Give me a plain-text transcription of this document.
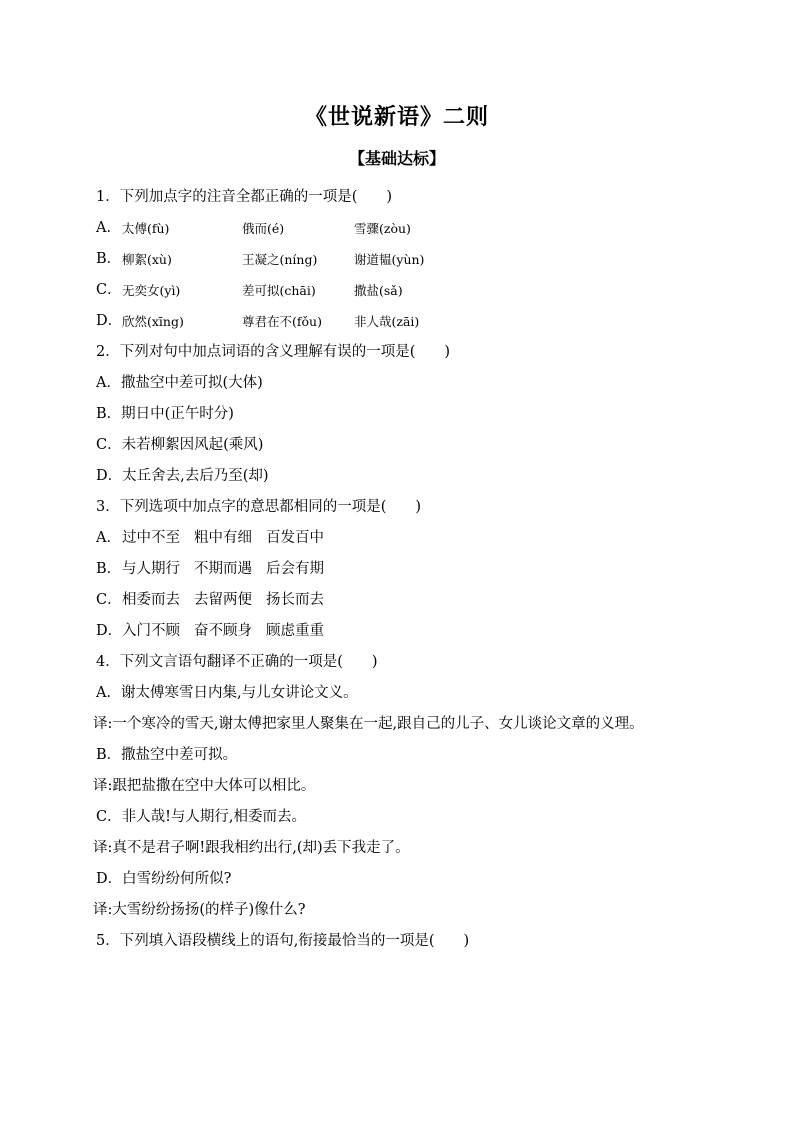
《世说新语》二则
【基础达标】
1．下列加点字的注音全都正确的一项是(　　)
A． 太傅(fù)	俄而(é)	雪骤(zòu)
B． 柳絮(xù)	王凝之(níng)	谢道韫(yùn)
C． 无奕女(yì)	差可拟(chāi)	撒盐(sǎ)
D． 欣然(xīng)	尊君在不(fǒu)	非人哉(zāi)
2．下列对句中加点词语的含义理解有误的一项是(　　)
A．撒盐空中差可拟(大体)
B．期日中(正午时分)
C．未若柳絮因风起(乘风)
D．太丘舍去,去后乃至(却)
3．下列选项中加点字的意思都相同的一项是(　　)
A．过中不至 粗中有细 百发百中
B．与人期行 不期而遇 后会有期
C．相委而去 去留两便 扬长而去
D．入门不顾 奋不顾身 顾虑重重
4．下列文言语句翻译不正确的一项是(　　)
A．谢太傅寒雪日内集,与儿女讲论文义。
译:一个寒冷的雪天,谢太傅把家里人聚集在一起,跟自己的儿子、女儿谈论文章的义理。
B．撒盐空中差可拟。
译:跟把盐撒在空中大体可以相比。
C．非人哉!与人期行,相委而去。
译:真不是君子啊!跟我相约出行,(却)丢下我走了。
D．白雪纷纷何所似?
译:大雪纷纷扬扬(的样子)像什么?
5．下列填入语段横线上的语句,衔接最恰当的一项是(　　)
